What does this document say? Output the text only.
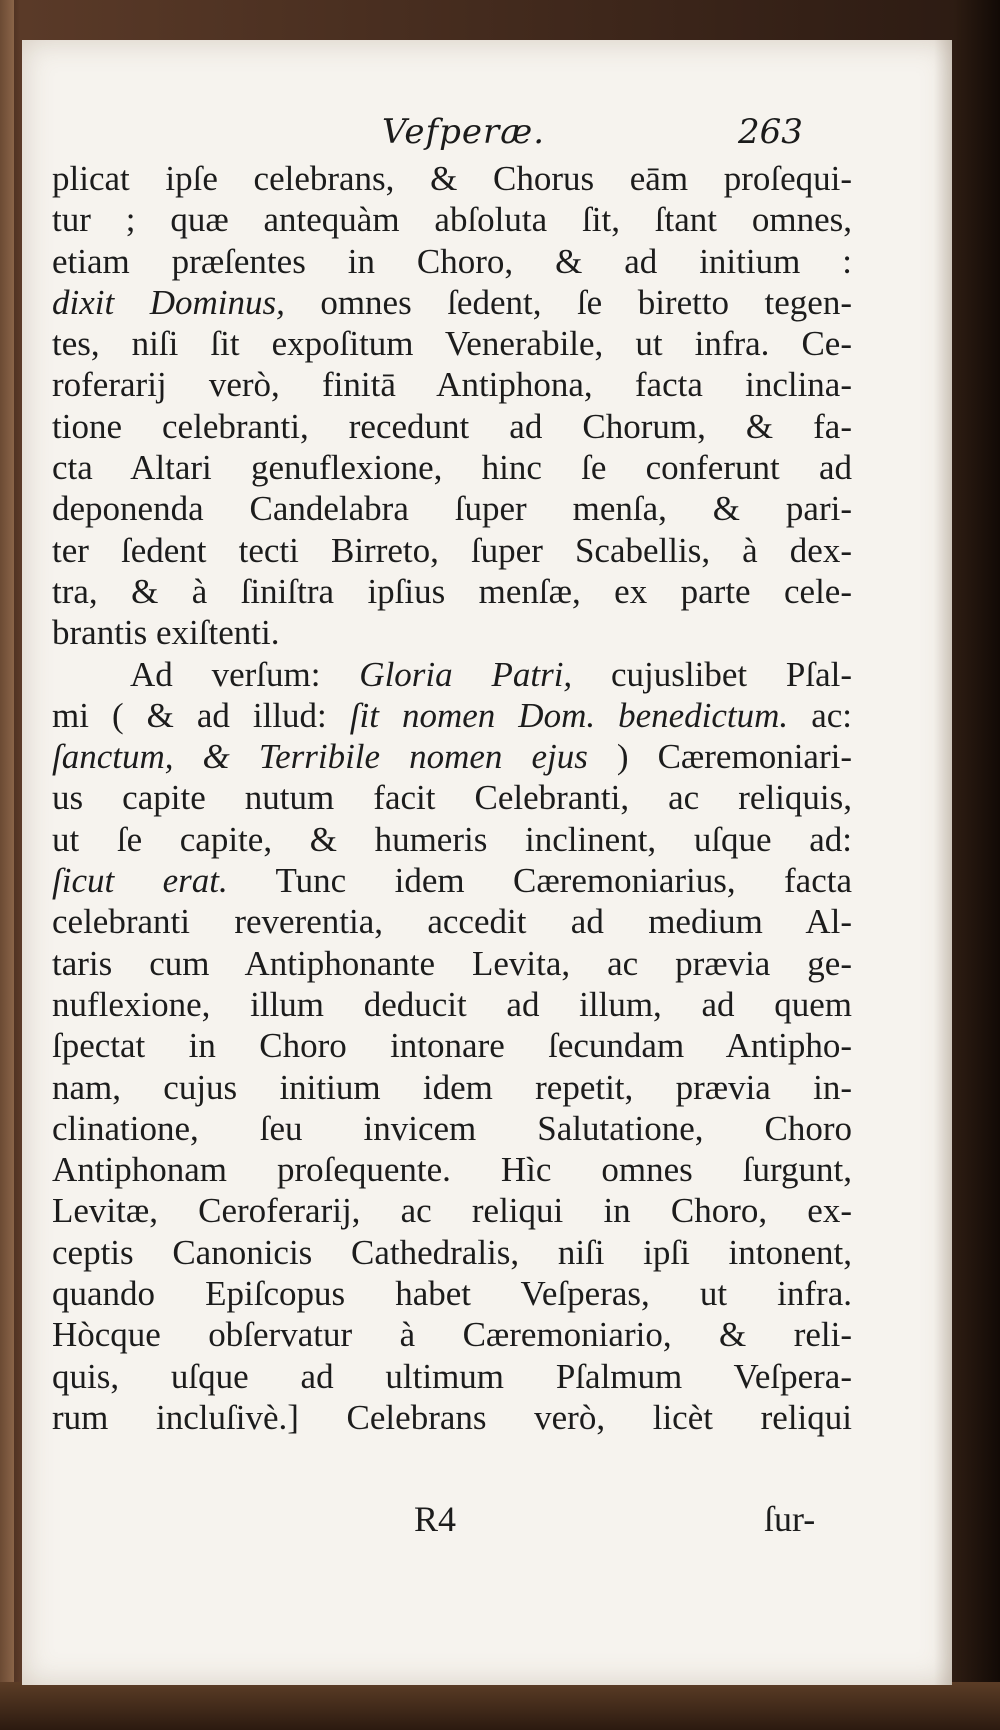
Vefperæ.	263
plicat ipſe celebrans, & Chorus eām proſequi-
tur ; quæ antequàm abſoluta ſit, ſtant omnes,
etiam præſentes in Choro, & ad initium :
dixit Dominus, omnes ſedent, ſe biretto tegen-
tes, niſi ſit expoſitum Venerabile, ut infra. Ce-
roferarij verò, finitā Antiphona, facta inclina-
tione celebranti, recedunt ad Chorum, & fa-
cta Altari genuflexione, hinc ſe conferunt ad
deponenda Candelabra ſuper menſa, & pari-
ter ſedent tecti Birreto, ſuper Scabellis, à dex-
tra, & à ſiniſtra ipſius menſæ, ex parte cele-
brantis exiſtenti.
Ad verſum: Gloria Patri, cujuslibet Pſal-
mi ( & ad illud: ſit nomen Dom. benedictum. ac:
ſanctum, & Terribile nomen ejus ) Cæremoniari-
us capite nutum facit Celebranti, ac reliquis,
ut ſe capite, & humeris inclinent, uſque ad:
ſicut erat. Tunc idem Cæremoniarius, facta
celebranti reverentia, accedit ad medium Al-
taris cum Antiphonante Levita, ac prævia ge-
nuflexione, illum deducit ad illum, ad quem
ſpectat in Choro intonare ſecundam Antipho-
nam, cujus initium idem repetit, prævia in-
clinatione, ſeu invicem Salutatione, Choro
Antiphonam proſequente. Hìc omnes ſurgunt,
Levitæ, Ceroferarij, ac reliqui in Choro, ex-
ceptis Canonicis Cathedralis, niſi ipſi intonent,
quando Epiſcopus habet Veſperas, ut infra.
Hòcque obſervatur à Cæremoniario, & reli-
quis, uſque ad ultimum Pſalmum Veſpera-
rum incluſivè.] Celebrans verò, licèt reliqui
R4	ſur-
